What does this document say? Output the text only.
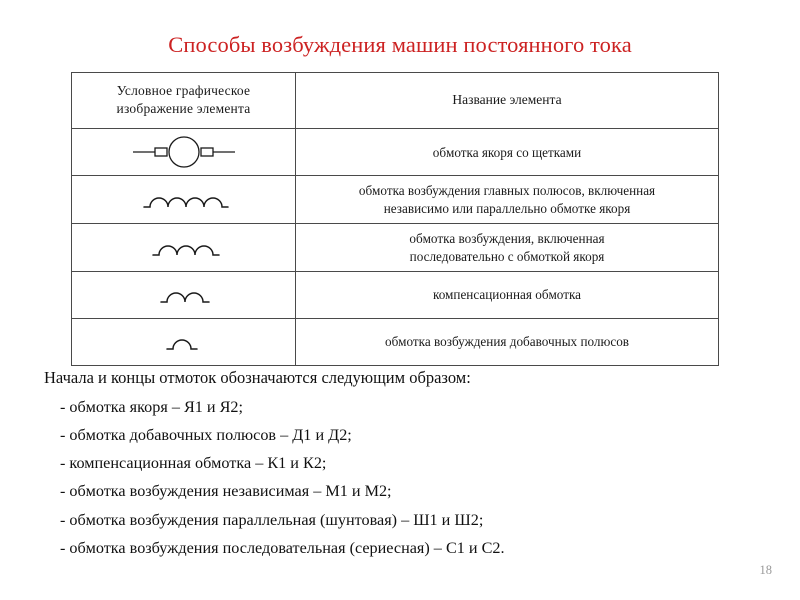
Способы возбуждения машин постоянного тока
Условное графическое
изображение элемента	Название элемента

обмотка якоря со щетками

обмотка возбуждения главных полюсов, включенная
независимо или параллельно обмотке якоря

обмотка возбуждения, включенная
последовательно с обмоткой якоря

компенсационная обмотка

обмотка возбуждения добавочных полюсов

Начала и концы отмоток обозначаются следующим образом:

- обмотка якоря – Я1 и Я2;

- обмотка добавочных полюсов – Д1 и Д2;

- компенсационная обмотка – К1 и К2;

- обмотка возбуждения независимая – М1 и М2;

- обмотка возбуждения параллельная (шунтовая) – Ш1 и Ш2;

- обмотка возбуждения последовательная (сериесная) – С1 и С2.

18
